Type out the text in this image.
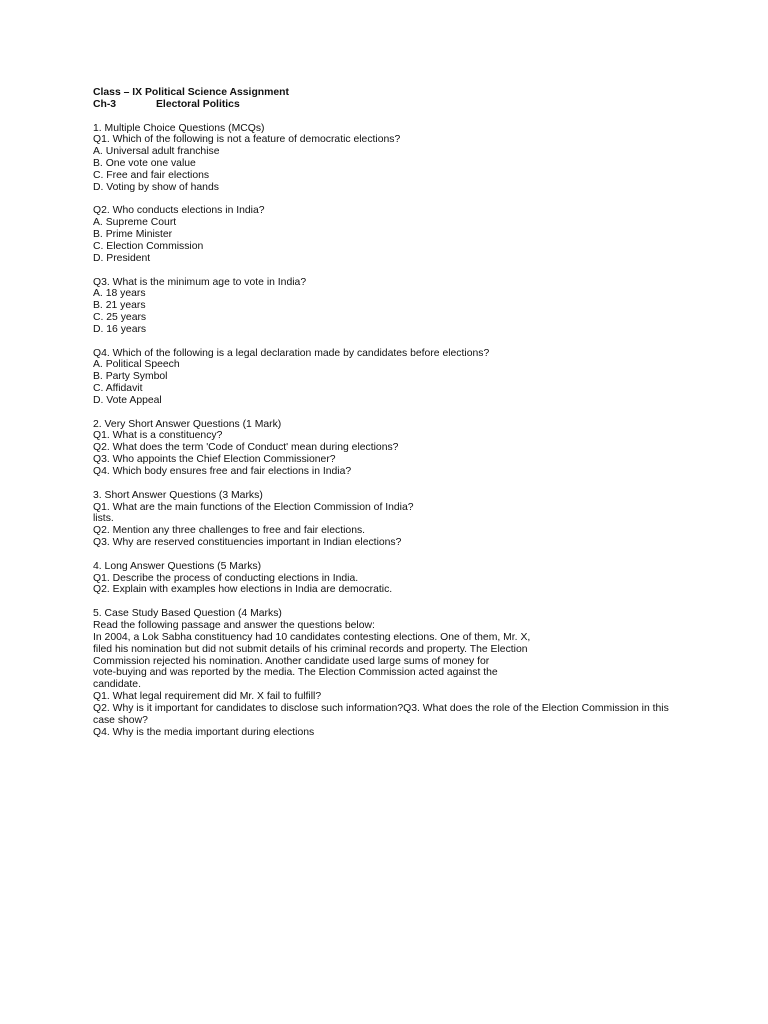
Class – IX Political Science Assignment
Ch-3	Electoral Politics
1. Multiple Choice Questions (MCQs)
Q1. Which of the following is not a feature of democratic elections?
A. Universal adult franchise
B. One vote one value
C. Free and fair elections
D. Voting by show of hands
Q2. Who conducts elections in India?
A. Supreme Court
B. Prime Minister
C. Election Commission
D. President
Q3. What is the minimum age to vote in India?
A. 18 years
B. 21 years
C. 25 years
D. 16 years
Q4. Which of the following is a legal declaration made by candidates before elections?
A. Political Speech
B. Party Symbol
C. Affidavit
D. Vote Appeal
2. Very Short Answer Questions (1 Mark)
Q1. What is a constituency?
Q2. What does the term 'Code of Conduct' mean during elections?
Q3. Who appoints the Chief Election Commissioner?
Q4. Which body ensures free and fair elections in India?
3. Short Answer Questions (3 Marks)
Q1. What are the main functions of the Election Commission of India?
lists.
Q2. Mention any three challenges to free and fair elections.
Q3. Why are reserved constituencies important in Indian elections?
4. Long Answer Questions (5 Marks)
Q1. Describe the process of conducting elections in India.
Q2. Explain with examples how elections in India are democratic.
5. Case Study Based Question (4 Marks)
Read the following passage and answer the questions below:
In 2004, a Lok Sabha constituency had 10 candidates contesting elections. One of them, Mr. X,
filed his nomination but did not submit details of his criminal records and property. The Election
Commission rejected his nomination. Another candidate used large sums of money for
vote-buying and was reported by the media. The Election Commission acted against the
candidate.
Q1. What legal requirement did Mr. X fail to fulfill?
Q2. Why is it important for candidates to disclose such information?Q3. What does the role of the Election Commission in this case show?
Q4. Why is the media important during elections
